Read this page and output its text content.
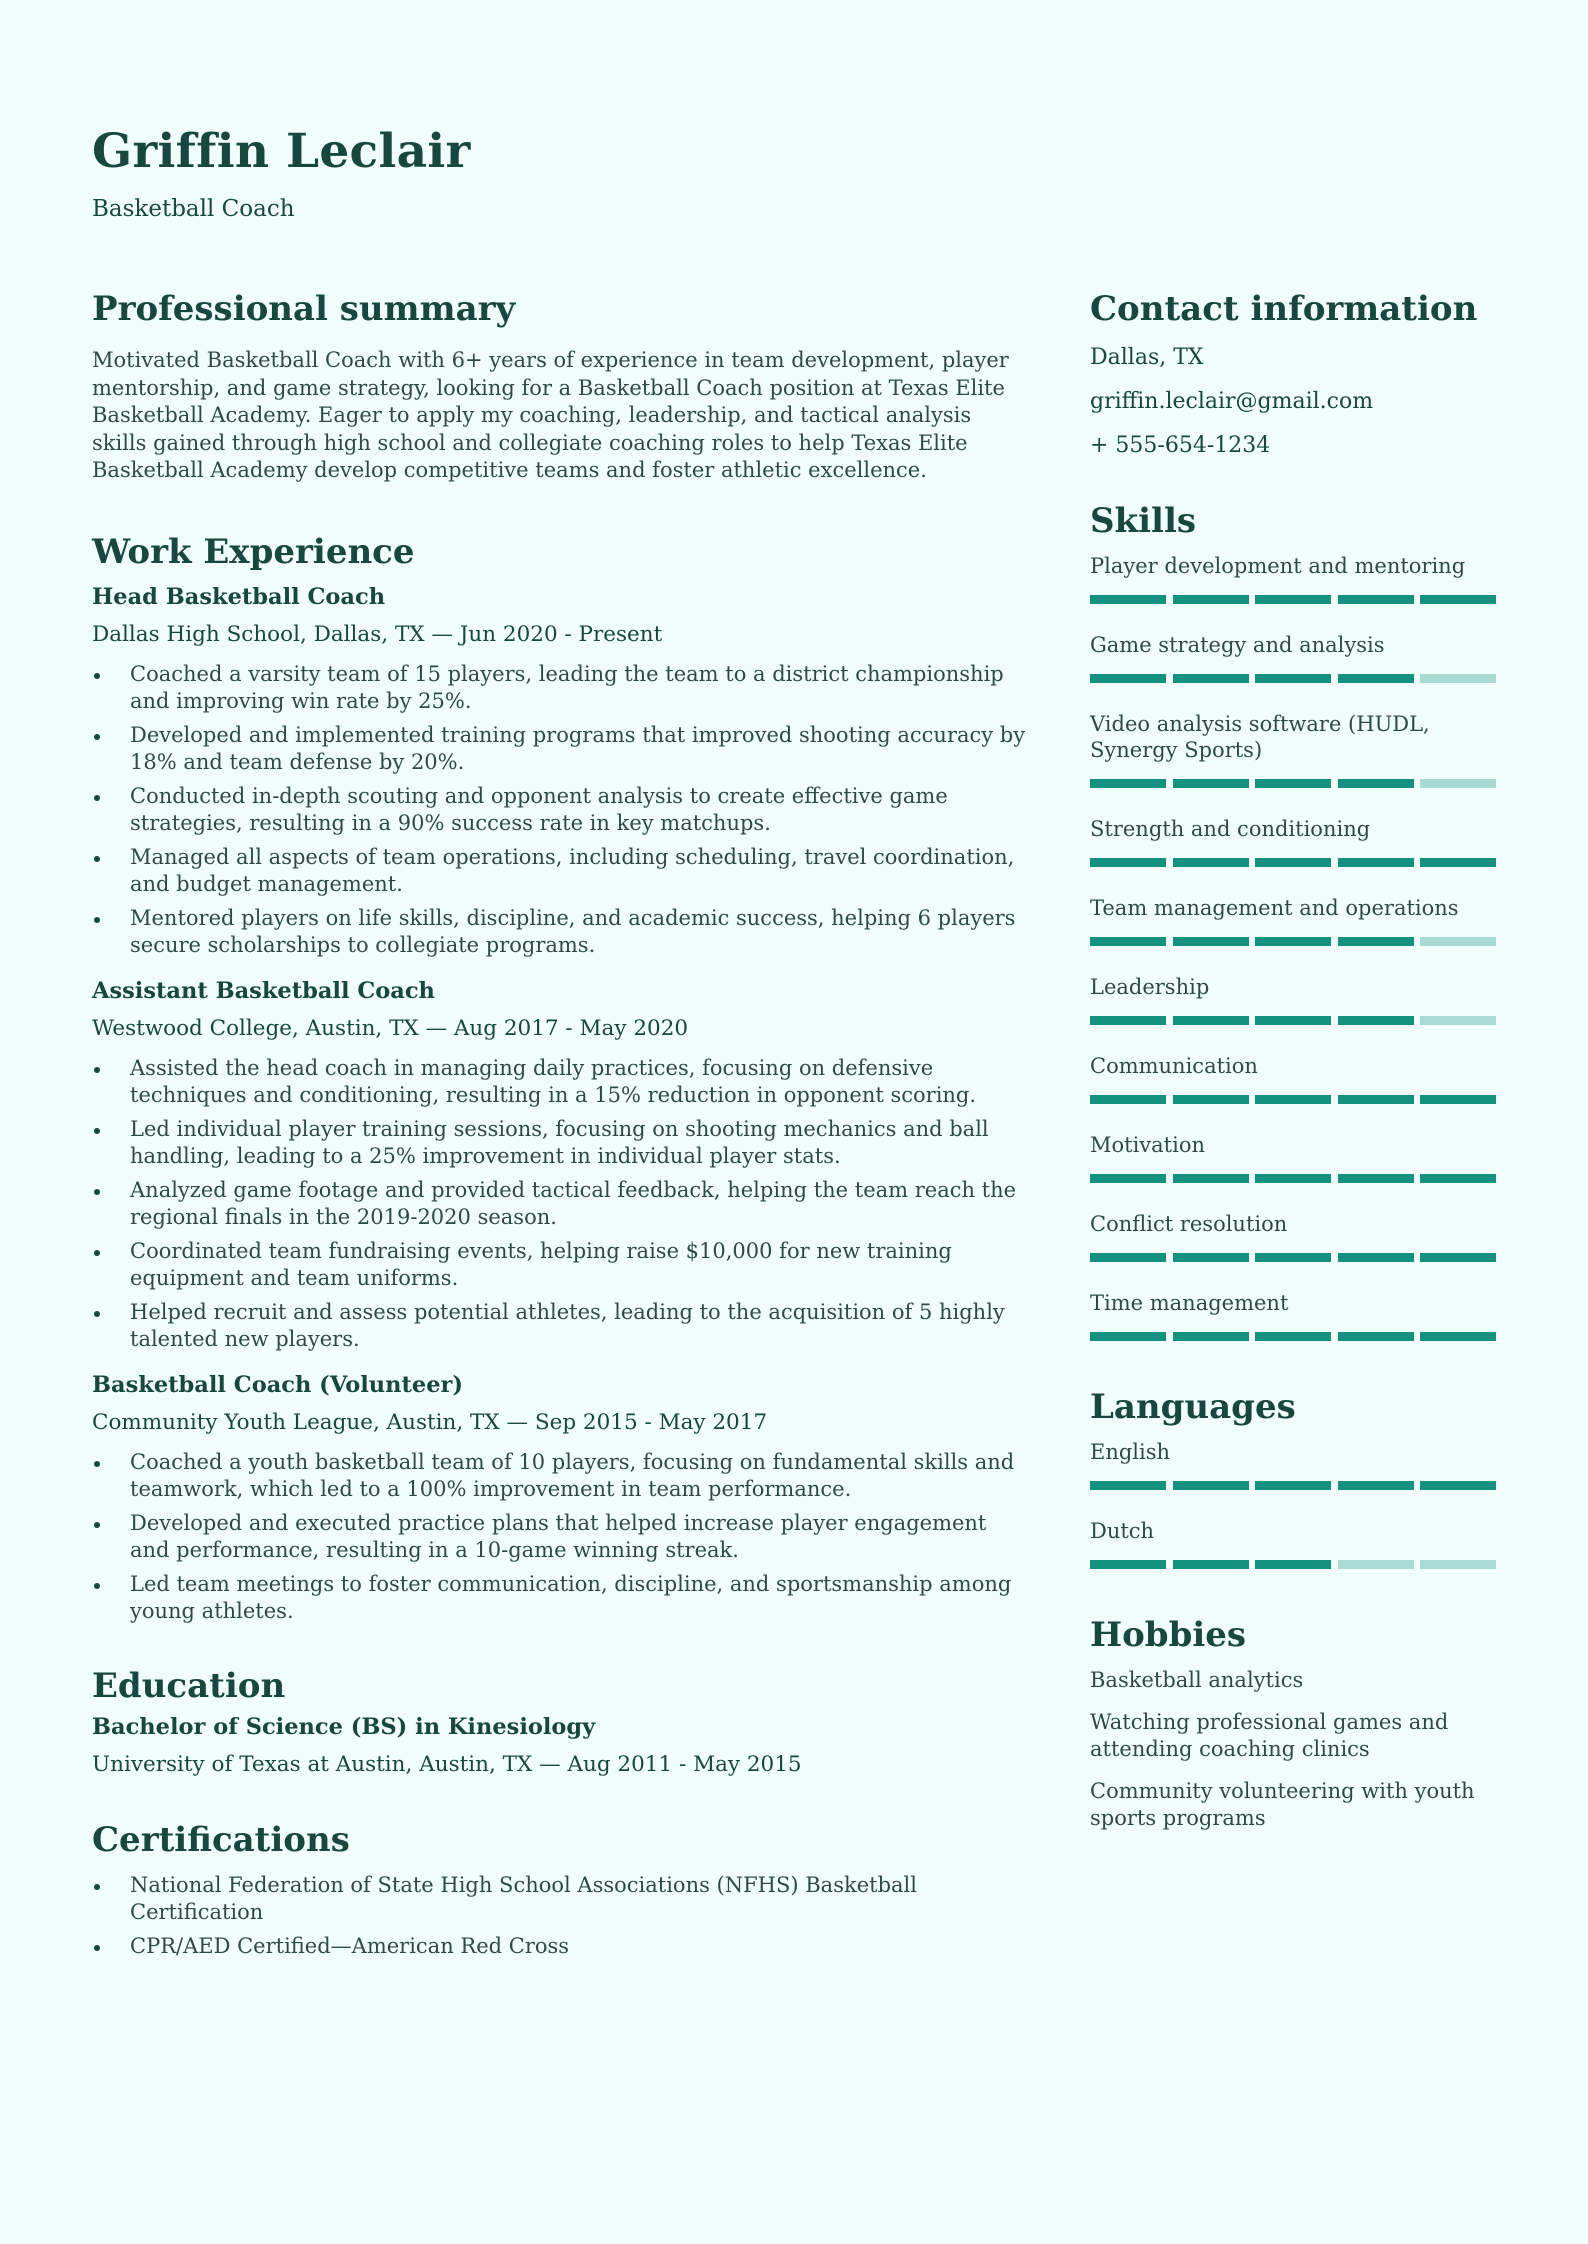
Griffin Leclair
Basketball Coach
Professional summary
Motivated Basketball Coach with 6+ years of experience in team development, player mentorship, and game strategy, looking for a Basketball Coach position at Texas Elite Basketball Academy. Eager to apply my coaching, leadership, and tactical analysis skills gained through high school and collegiate coaching roles to help Texas Elite Basketball Academy develop competitive teams and foster athletic excellence.
Work Experience
Head Basketball Coach
Dallas High School, Dallas, TX — Jun 2020 - Present
Coached a varsity team of 15 players, leading the team to a district championship and improving win rate by 25%.
Developed and implemented training programs that improved shooting accuracy by 18% and team defense by 20%.
Conducted in-depth scouting and opponent analysis to create effective game strategies, resulting in a 90% success rate in key matchups.
Managed all aspects of team operations, including scheduling, travel coordination, and budget management.
Mentored players on life skills, discipline, and academic success, helping 6 players secure scholarships to collegiate programs.
Assistant Basketball Coach
Westwood College, Austin, TX — Aug 2017 - May 2020
Assisted the head coach in managing daily practices, focusing on defensive techniques and conditioning, resulting in a 15% reduction in opponent scoring.
Led individual player training sessions, focusing on shooting mechanics and ball handling, leading to a 25% improvement in individual player stats.
Analyzed game footage and provided tactical feedback, helping the team reach the regional finals in the 2019-2020 season.
Coordinated team fundraising events, helping raise $10,000 for new training equipment and team uniforms.
Helped recruit and assess potential athletes, leading to the acquisition of 5 highly talented new players.
Basketball Coach (Volunteer)
Community Youth League, Austin, TX — Sep 2015 - May 2017
Coached a youth basketball team of 10 players, focusing on fundamental skills and teamwork, which led to a 100% improvement in team performance.
Developed and executed practice plans that helped increase player engagement and performance, resulting in a 10-game winning streak.
Led team meetings to foster communication, discipline, and sportsmanship among young athletes.
Education
Bachelor of Science (BS) in Kinesiology
University of Texas at Austin, Austin, TX — Aug 2011 - May 2015
Certifications
National Federation of State High School Associations (NFHS) Basketball Certification
CPR/AED Certified—American Red Cross
Contact information
Dallas, TX
griffin.leclair@gmail.com
+ 555-654-1234
Skills
Player development and mentoring
Game strategy and analysis
Video analysis software (HUDL, Synergy Sports)
Strength and conditioning
Team management and operations
Leadership
Communication
Motivation
Conflict resolution
Time management
Languages
English
Dutch
Hobbies
Basketball analytics
Watching professional games and attending coaching clinics
Community volunteering with youth sports programs
